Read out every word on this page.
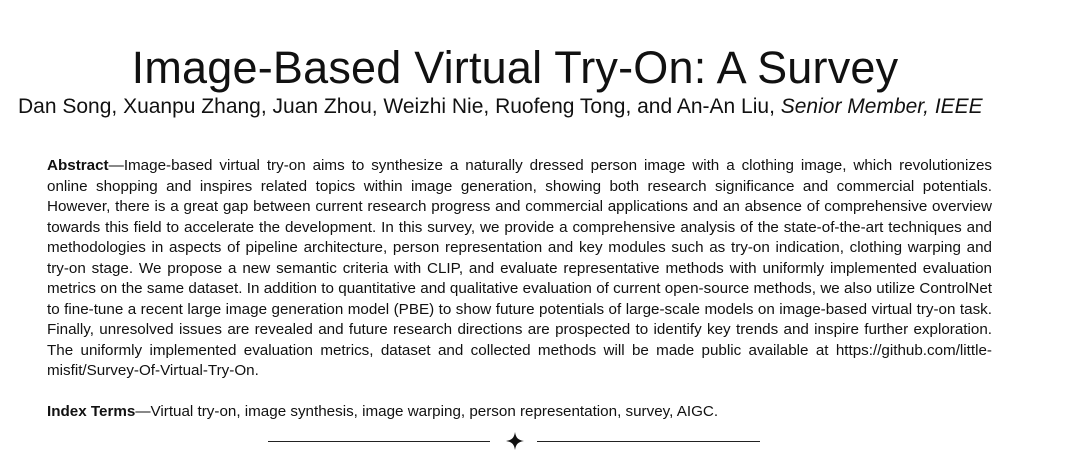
Image-Based Virtual Try-On: A Survey
Dan Song, Xuanpu Zhang, Juan Zhou, Weizhi Nie, Ruofeng Tong, and An-An Liu, Senior Member, IEEE
Abstract—Image-based virtual try-on aims to synthesize a naturally dressed person image with a clothing image, which revolutionizes online shopping and inspires related topics within image generation, showing both research significance and commercial potentials. However, there is a great gap between current research progress and commercial applications and an absence of comprehensive overview towards this field to accelerate the development. In this survey, we provide a comprehensive analysis of the state-of-the-art techniques and methodologies in aspects of pipeline architecture, person representation and key modules such as try-on indication, clothing warping and try-on stage. We propose a new semantic criteria with CLIP, and evaluate representative methods with uniformly implemented evaluation metrics on the same dataset. In addition to quantitative and qualitative evaluation of current open-source methods, we also utilize ControlNet to fine-tune a recent large image generation model (PBE) to show future potentials of large-scale models on image-based virtual try-on task. Finally, unresolved issues are revealed and future research directions are prospected to identify key trends and inspire further exploration. The uniformly implemented evaluation metrics, dataset and collected methods will be made public available at https://github.com/little-misfit/Survey-Of-Virtual-Try-On.
Index Terms—Virtual try-on, image synthesis, image warping, person representation, survey, AIGC.
